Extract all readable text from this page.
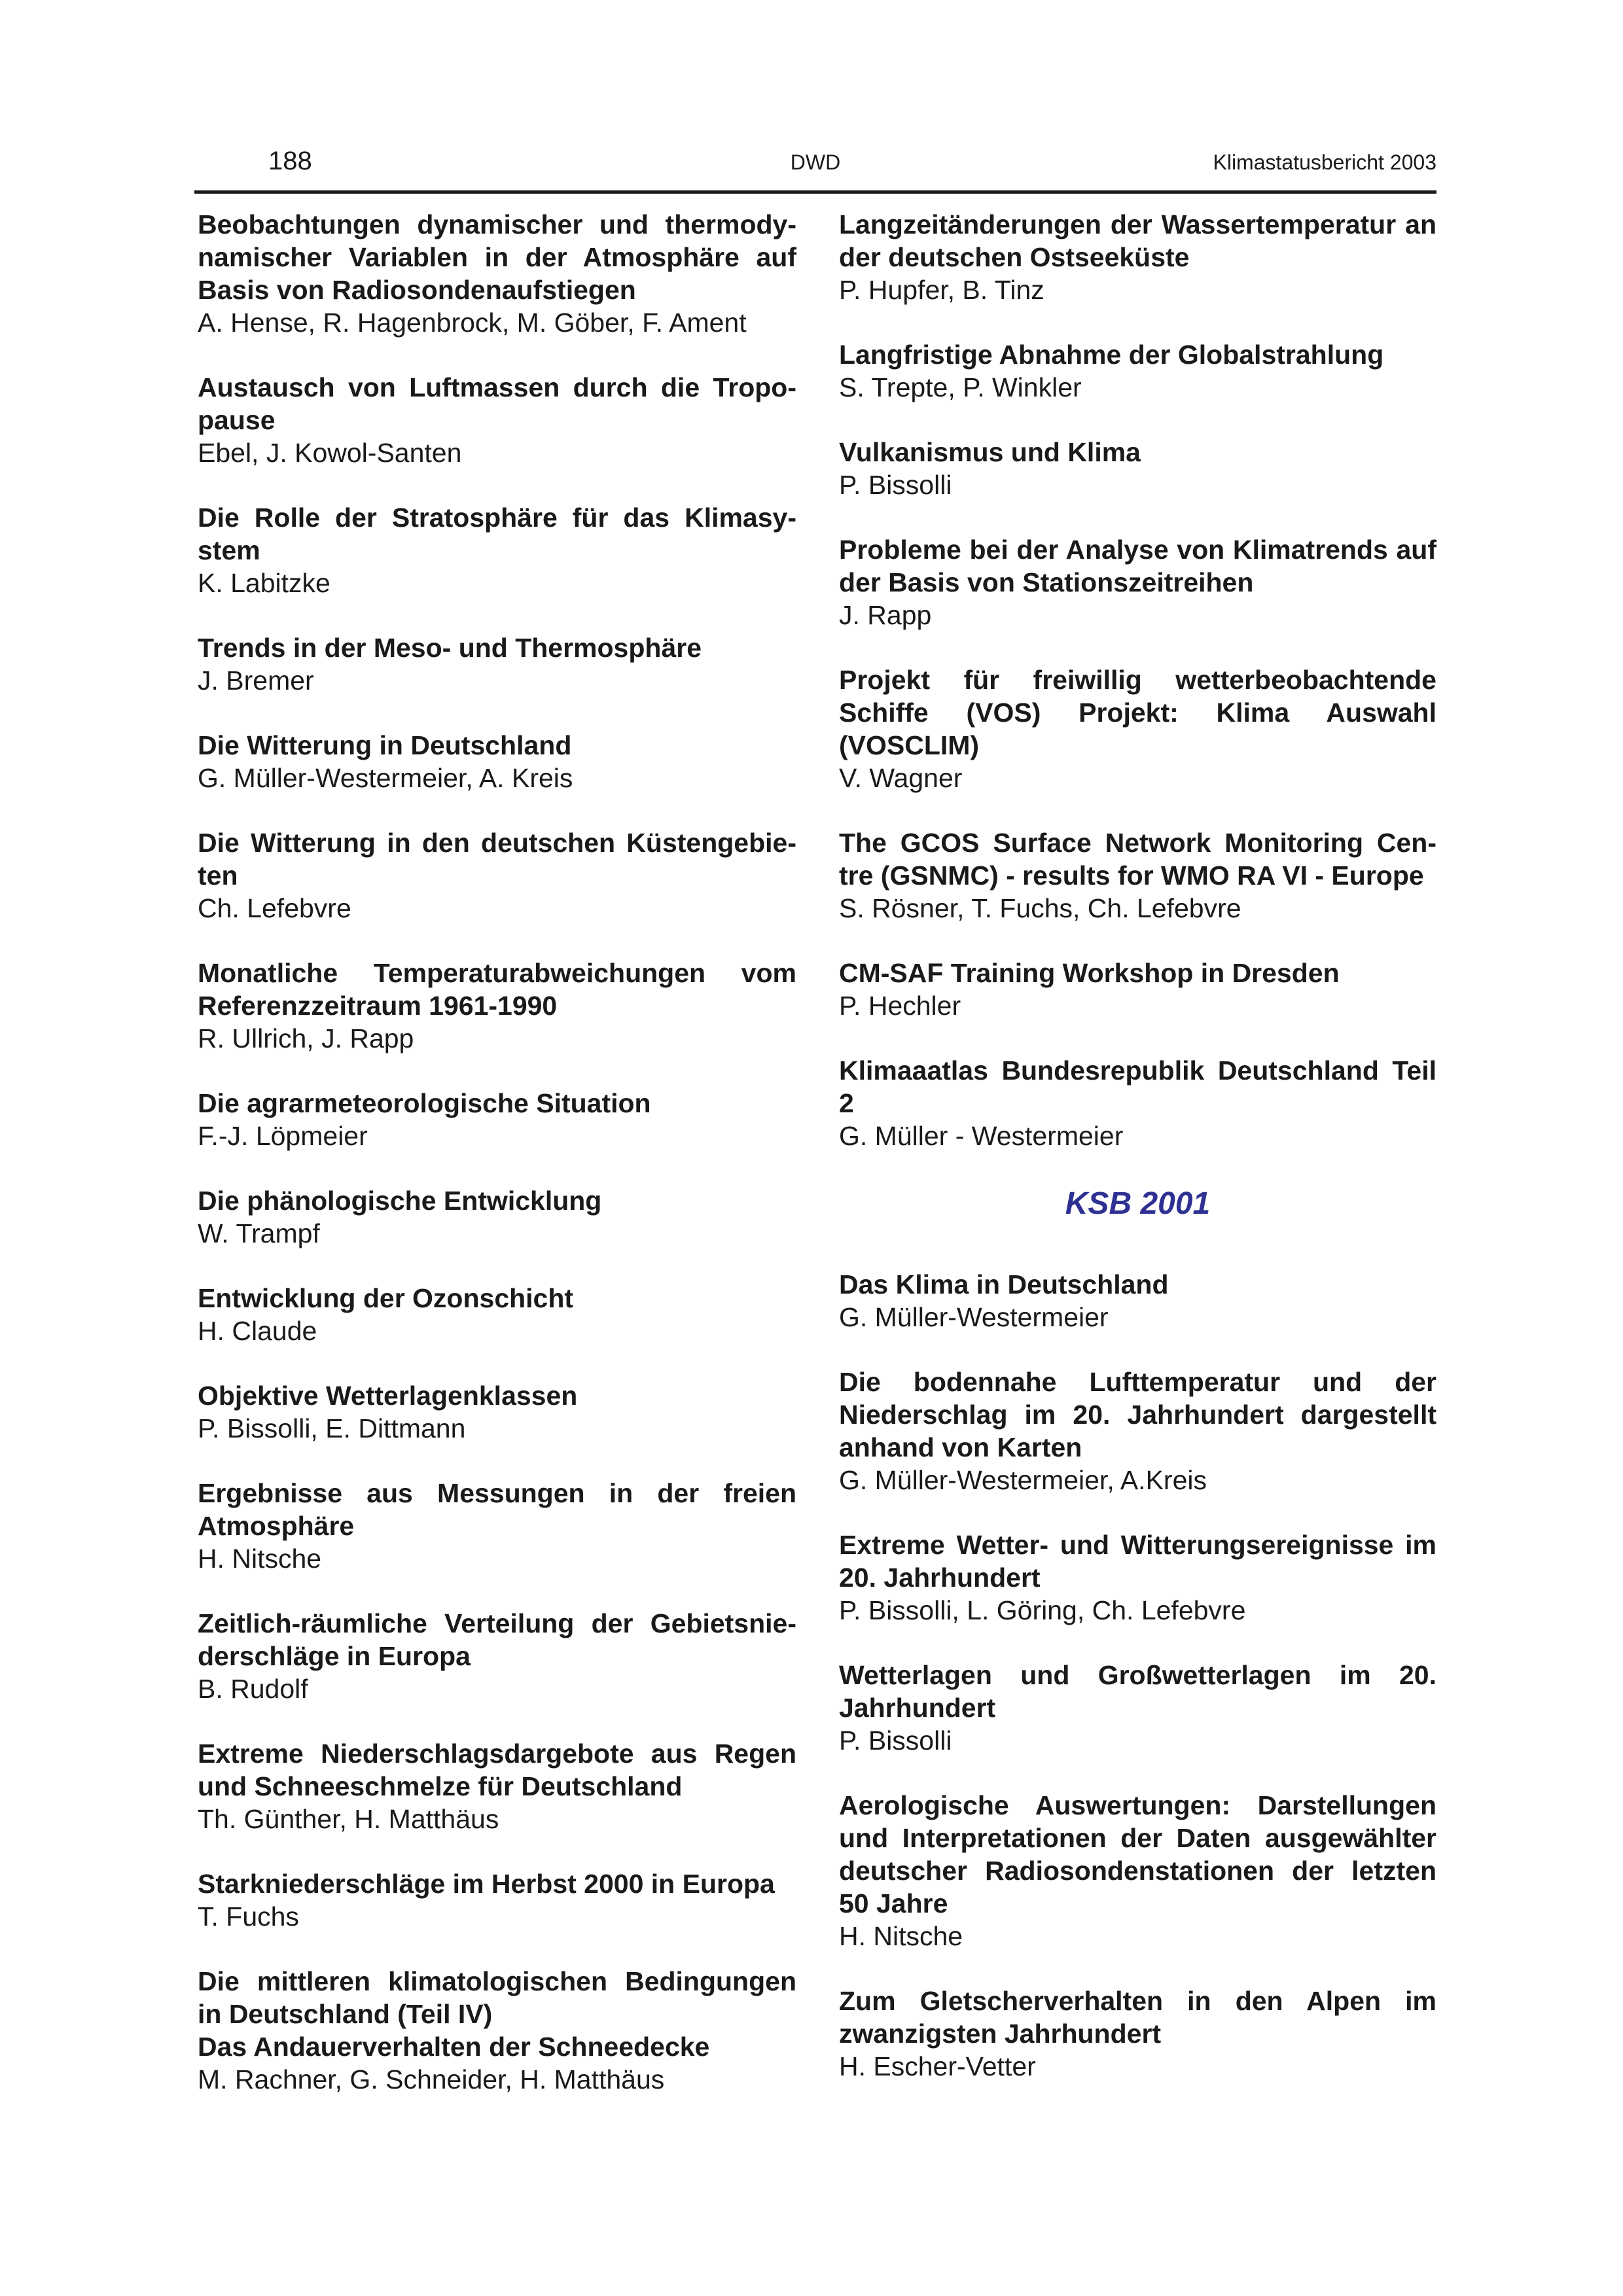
188	DWD	Klimastatusbericht 2003
Beobachtungen dynamischer und thermody-namischer Variablen in der Atmosphäre auf Basis von Radiosondenaufstiegen
A. Hense, R. Hagenbrock, M. Göber, F. Ament
Austausch von Luftmassen durch die Tropo-pause
Ebel, J. Kowol-Santen
Die Rolle der Stratosphäre für das Klimasy-stem
K. Labitzke
Trends in der Meso- und Thermosphäre
J. Bremer
Die Witterung in Deutschland
G. Müller-Westermeier, A. Kreis
Die Witterung in den deutschen Küstengebie-ten
Ch. Lefebvre
Monatliche Temperaturabweichungen vom Referenzzeitraum 1961-1990
R. Ullrich, J. Rapp
Die agrarmeteorologische Situation
F.-J. Löpmeier
Die phänologische Entwicklung
W. Trampf
Entwicklung der Ozonschicht
H. Claude
Objektive Wetterlagenklassen
P. Bissolli, E. Dittmann
Ergebnisse aus Messungen in der freien Atmosphäre
H. Nitsche
Zeitlich-räumliche Verteilung der Gebietsnie-derschläge in Europa
B. Rudolf
Extreme Niederschlagsdargebote aus Regen und Schneeschmelze für Deutschland
Th. Günther, H. Matthäus
Starkniederschläge im Herbst 2000 in Europa
T. Fuchs
Die mittleren klimatologischen Bedingungen in Deutschland (Teil IV)
Das Andauerverhalten der Schneedecke
M. Rachner, G. Schneider, H. Matthäus
Langzeitänderungen der Wassertemperatur an der deutschen Ostseeküste
P. Hupfer, B. Tinz
Langfristige Abnahme der Globalstrahlung
S. Trepte, P. Winkler
Vulkanismus und Klima
P. Bissolli
Probleme bei der Analyse von Klimatrends auf der Basis von Stationszeitreihen
J. Rapp
Projekt für freiwillig wetterbeobachtende Schiffe (VOS) Projekt: Klima Auswahl (VOSCLIM)
V. Wagner
The GCOS Surface Network Monitoring Cen-tre (GSNMC) - results for WMO RA VI - Europe
S. Rösner, T. Fuchs, Ch. Lefebvre
CM-SAF Training Workshop in Dresden
P. Hechler
Klimaaatlas Bundesrepublik Deutschland Teil 2
G. Müller - Westermeier
KSB 2001
Das Klima in Deutschland
G. Müller-Westermeier
Die bodennahe Lufttemperatur und der Niederschlag im 20. Jahrhundert dargestellt anhand von Karten
G. Müller-Westermeier, A.Kreis
Extreme Wetter- und Witterungsereignisse im 20. Jahrhundert
P. Bissolli, L. Göring, Ch. Lefebvre
Wetterlagen und Großwetterlagen im 20. Jahrhundert
P. Bissolli
Aerologische Auswertungen: Darstellungen und Interpretationen der Daten ausgewählter deutscher Radiosondenstationen der letzten 50 Jahre
H. Nitsche
Zum Gletscherverhalten in den Alpen im zwanzigsten Jahrhundert
H. Escher-Vetter
